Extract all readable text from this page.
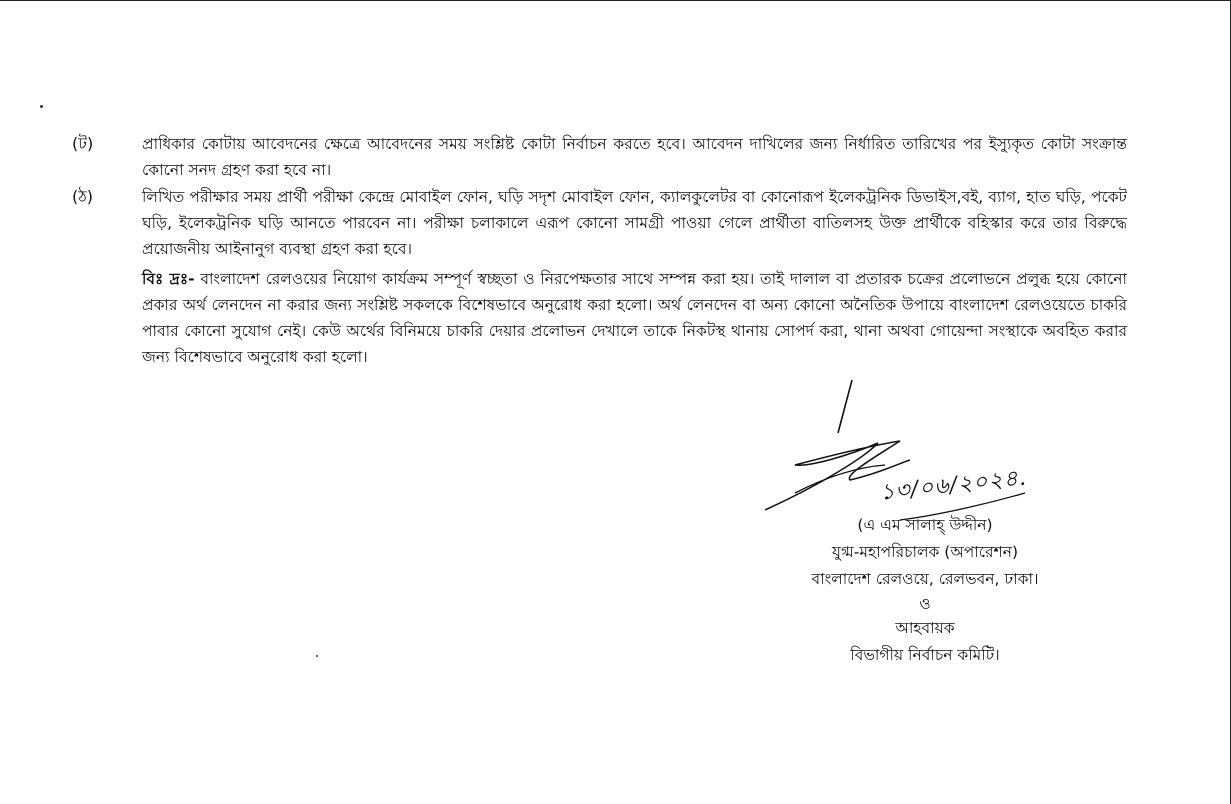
(ট)	প্রাধিকার কোটায় আবেদনের ক্ষেত্রে আবেদনের সময় সংশ্লিষ্ট কোটা নির্বাচন করতে হবে। আবেদন দাখিলের জন্য নির্ধারিত তারিখের পর ইস্যুকৃত কোটা সংক্রান্ত কোনো সনদ গ্রহণ করা হবে না।
(ঠ)	লিখিত পরীক্ষার সময় প্রার্থী পরীক্ষা কেন্দ্রে মোবাইল ফোন, ঘড়ি সদৃশ মোবাইল ফোন, ক্যালকুলেটর বা কোনোরূপ ইলেকট্রনিক ডিভাইস,বই, ব্যাগ, হাত ঘড়ি, পকেট ঘড়ি, ইলেকট্রনিক ঘড়ি আনতে পারবেন না। পরীক্ষা চলাকালে এরূপ কোনো সামগ্রী পাওয়া গেলে প্রার্থীতা বাতিলসহ উক্ত প্রার্থীকে বহিস্কার করে তার বিরুদ্ধে প্রয়োজনীয় আইনানুগ ব্যবস্থা গ্রহণ করা হবে।
বিঃ দ্রঃ- বাংলাদেশ রেলওয়ের নিয়োগ কার্যক্রম সম্পূর্ণ স্বচ্ছতা ও নিরপেক্ষতার সাথে সম্পন্ন করা হয়। তাই দালাল বা প্রতারক চক্রের প্রলোভনে প্রলুব্ধ হয়ে কোনো প্রকার অর্থ লেনদেন না করার জন্য সংশ্লিষ্ট সকলকে বিশেষভাবে অনুরোধ করা হলো। অর্থ লেনদেন বা অন্য কোনো অনৈতিক উপায়ে বাংলাদেশ রেলওয়েতে চাকরি পাবার কোনো সুযোগ নেই। কেউ অর্থের বিনিময়ে চাকরি দেয়ার প্রলোভন দেখালে তাকে নিকটস্থ থানায় সোপর্দ করা, থানা অথবা গোয়েন্দা সংস্থাকে অবহিত করার জন্য বিশেষভাবে অনুরোধ করা হলো।
১৩/০৬/২০২৪.
(এ এম সালাহ্ উদ্দীন)
যুগ্ম-মহাপরিচালক (অপারেশন)
বাংলাদেশ রেলওয়ে, রেলভবন, ঢাকা।
ও
আহবায়ক
বিভাগীয় নির্বাচন কমিটি।
